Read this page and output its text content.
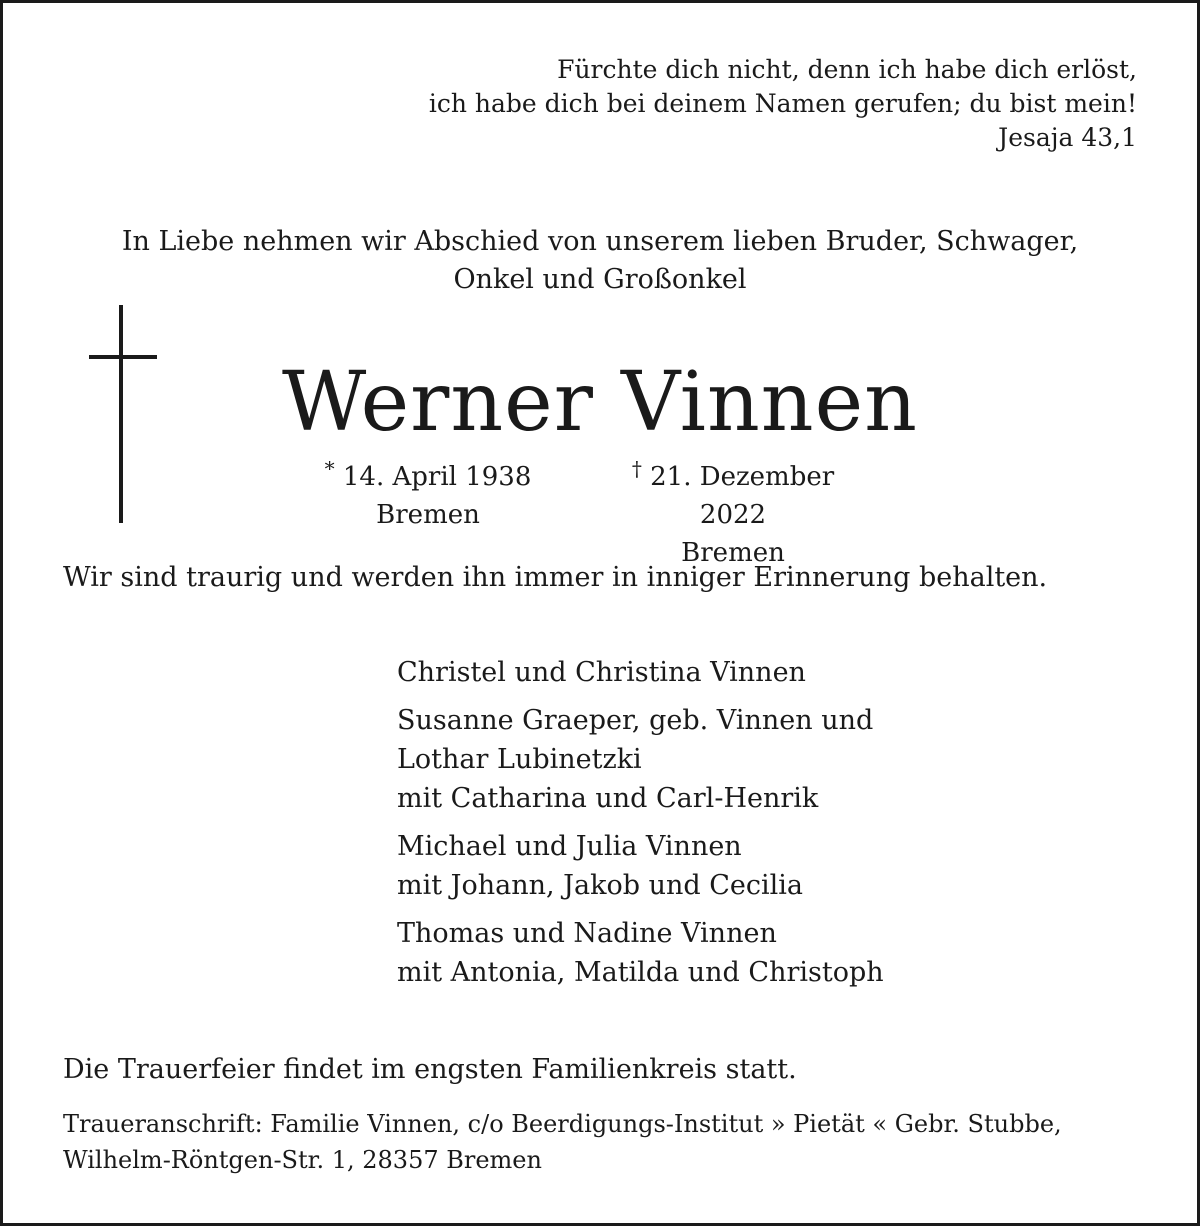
Fürchte dich nicht, denn ich habe dich erlöst,
ich habe dich bei deinem Namen gerufen; du bist mein!
Jesaja 43,1
In Liebe nehmen wir Abschied von unserem lieben Bruder, Schwager,
Onkel und Großonkel
Werner Vinnen
* 14. April 1938
Bremen
† 21. Dezember 2022
Bremen
Wir sind traurig und werden ihn immer in inniger Erinnerung behalten.
Christel und Christina Vinnen
Susanne Graeper, geb. Vinnen und
Lothar Lubinetzki
mit Catharina und Carl-Henrik
Michael und Julia Vinnen
mit Johann, Jakob und Cecilia
Thomas und Nadine Vinnen
mit Antonia, Matilda und Christoph
Die Trauerfeier findet im engsten Familienkreis statt.
Traueranschrift: Familie Vinnen, c/o Beerdigungs-Institut » Pietät « Gebr. Stubbe,
Wilhelm-Röntgen-Str. 1, 28357 Bremen
